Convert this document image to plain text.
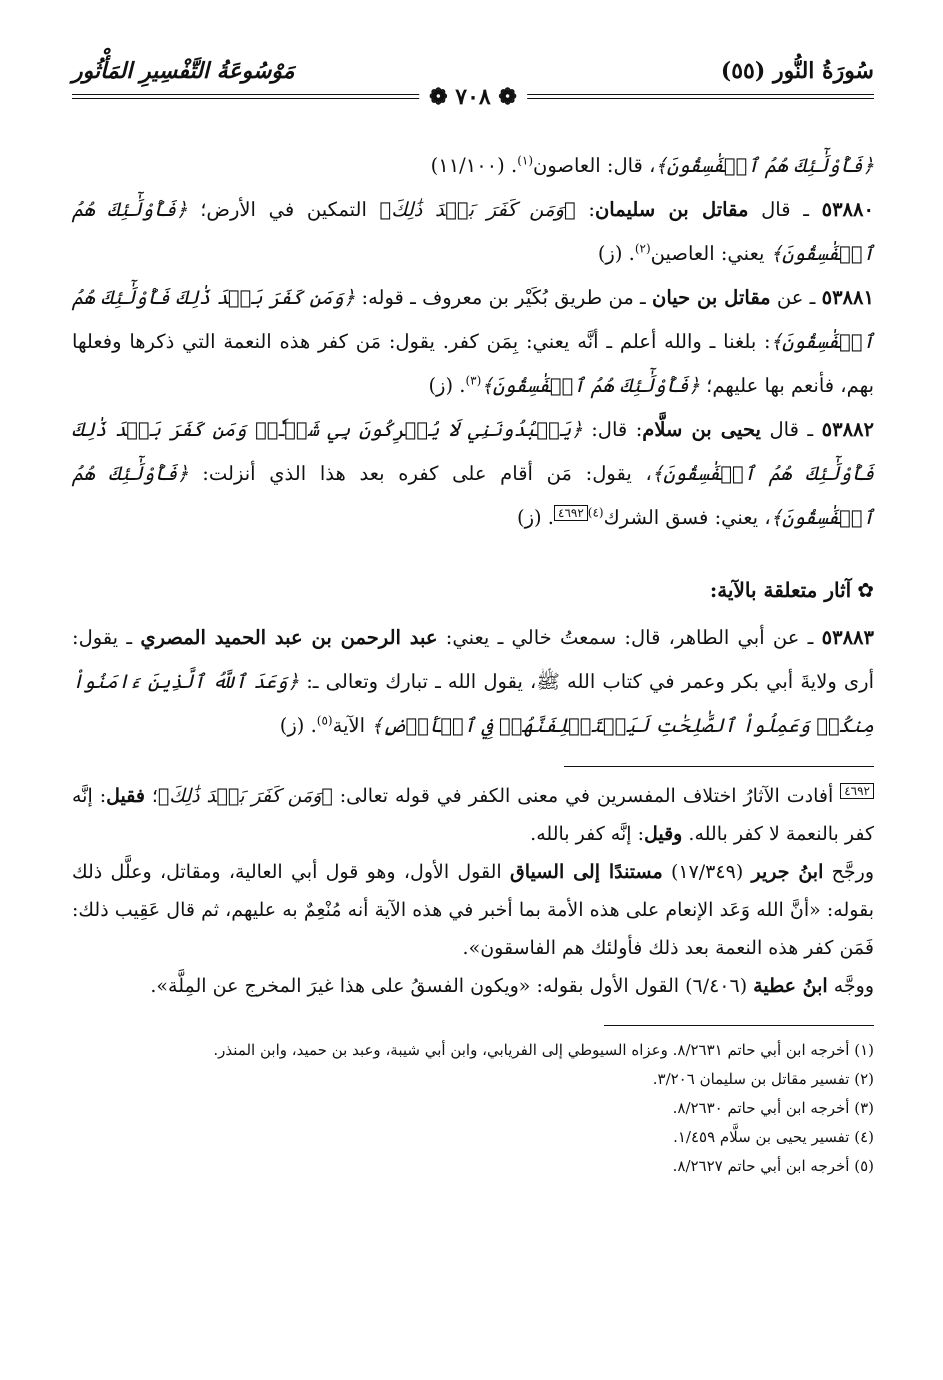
سُورَةُ النُّور (٥٥)
مَوْسُوعَةُ التَّفْسِيرِ المَأْثُور
❁ ٧٠٨ ❁

﴿فَأُوْلَٰٓئِكَ هُمُ ٱلۡفَٰسِقُونَ﴾، قال: العاصون$^{(١)}$. (١١/١٠٠)

٥٣٨٨٠ ـ قال مقاتل بن سليمان: ﴿وَمَن كَفَرَ بَعۡدَ ذَٰلِكَ﴾ التمكين في الأرض؛ ﴿فَأُوْلَٰٓئِكَ هُمُ ٱلۡفَٰسِقُونَ﴾ يعني: العاصين$^{(٢)}$. (ز)

٥٣٨٨١ ـ عن مقاتل بن حيان ـ من طريق بُكَيْر بن معروف ـ قوله: ﴿وَمَن كَفَرَ بَعۡدَ ذَٰلِكَ فَأُوْلَٰٓئِكَ هُمُ ٱلۡفَٰسِقُونَ﴾: بلغنا ـ والله أعلم ـ أنَّه يعني: بِمَن كفر. يقول: مَن كفر هذه النعمة التي ذكرها وفعلها بهم، فأنعم بها عليهم؛ ﴿فَأُوْلَٰٓئِكَ هُمُ ٱلۡفَٰسِقُونَ﴾$^{(٣)}$. (ز)

٥٣٨٨٢ ـ قال يحيى بن سلَّام: قال: ﴿يَعۡبُدُونَنِي لَا يُشۡرِكُونَ بِي شَيۡـٔٗاۚ وَمَن كَفَرَ بَعۡدَ ذَٰلِكَ فَأُوْلَٰٓئِكَ هُمُ ٱلۡفَٰسِقُونَ﴾، يقول: مَن أقام على كفره بعد هذا الذي أنزلت: ﴿فَأُوْلَٰٓئِكَ هُمُ ٱلۡفَٰسِقُونَ﴾، يعني: فسق الشرك$^{(٤)}$٤٦٩٢. (ز)

✿آثار متعلقة بالآية:

٥٣٨٨٣ ـ عن أبي الطاهر، قال: سمعتُ خالي ـ يعني: عبد الرحمن بن عبد الحميد المصري ـ يقول: أرى ولايةَ أبي بكر وعمر في كتاب الله ﷺ، يقول الله ـ تبارك وتعالى ـ: ﴿وَعَدَ ٱللَّهُ ٱلَّذِينَ ءَامَنُواْ مِنكُمۡ وَعَمِلُواْ ٱلصَّٰلِحَٰتِ لَيَسۡتَخۡلِفَنَّهُمۡ فِي ٱلۡأَرۡضِ﴾ الآية$^{(٥)}$. (ز)

٤٦٩٢ أفادت الآثارُ اختلاف المفسرين في معنى الكفر في قوله تعالى: ﴿وَمَن كَفَرَ بَعۡدَ ذَٰلِكَ﴾؛ فقيل: إنَّه كفر بالنعمة لا كفر بالله. وقيل: إنَّه كفر بالله.

ورجَّح ابنُ جرير (١٧/٣٤٩) مستندًا إلى السياق القول الأول، وهو قول أبي العالية، ومقاتل، وعلَّل ذلك بقوله: «أنَّ الله وَعَد الإنعام على هذه الأمة بما أخبر في هذه الآية أنه مُنْعِمٌ به عليهم، ثم قال عَقِيب ذلك: فَمَن كفر هذه النعمة بعد ذلك فأولئك هم الفاسقون».

ووجَّه ابنُ عطية (٦/٤٠٦) القول الأول بقوله: «ويكون الفسقُ على هذا غيرَ المخرج عن المِلَّة».

(١) أخرجه ابن أبي حاتم ٨/٢٦٣١. وعزاه السيوطي إلى الفريابي، وابن أبي شيبة، وعبد بن حميد، وابن المنذر.

(٢) تفسير مقاتل بن سليمان ٣/٢٠٦.

(٣) أخرجه ابن أبي حاتم ٨/٢٦٣٠.

(٤) تفسير يحيى بن سلَّام ١/٤٥٩.

(٥) أخرجه ابن أبي حاتم ٨/٢٦٢٧.
